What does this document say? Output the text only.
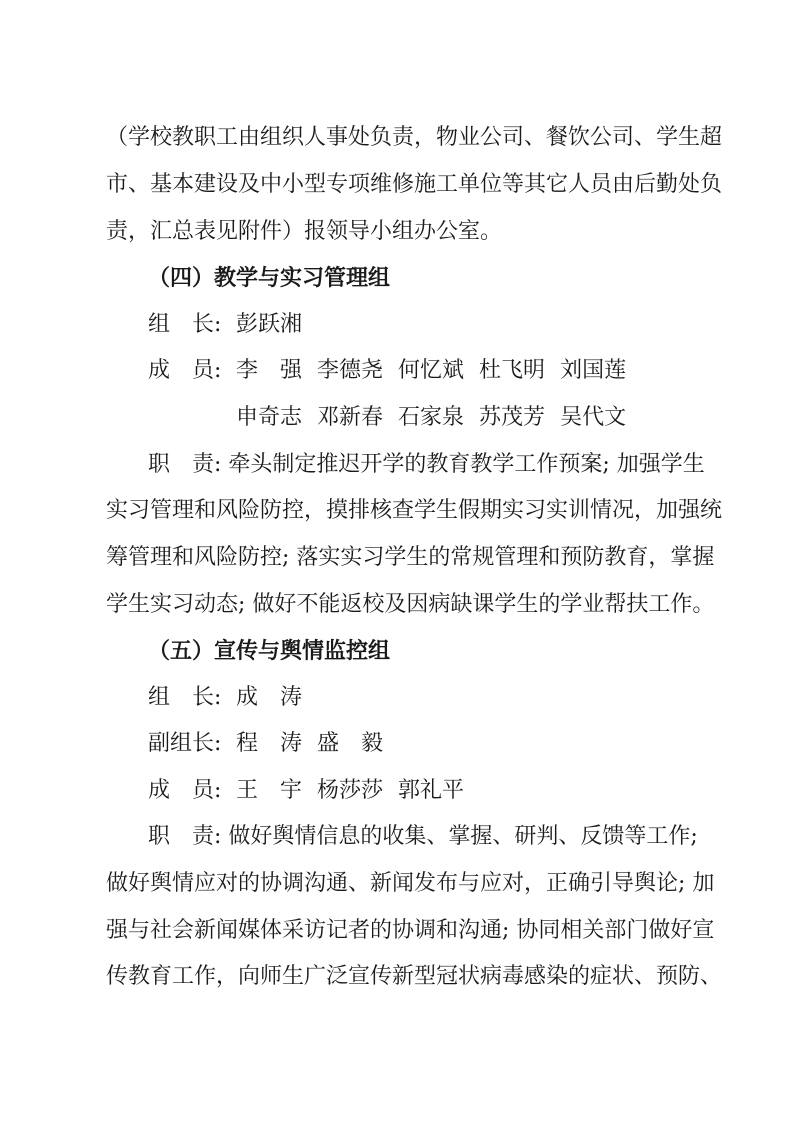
（学校教职工由组织人事处负责，物业公司、餐饮公司、学生超
市、基本建设及中小型专项维修施工单位等其它人员由后勤处负
责，汇总表见附件）报领导小组办公室。
（四）教学与实习管理组
组　长: 彭跃湘
成　员: 李　强 李德尧 何忆斌 杜飞明 刘国莲
申奇志 邓新春 石家泉 苏茂芳 吴代文
职　责: 牵头制定推迟开学的教育教学工作预案; 加强学生
实习管理和风险防控，摸排核查学生假期实习实训情况，加强统
筹管理和风险防控; 落实实习学生的常规管理和预防教育，掌握
学生实习动态; 做好不能返校及因病缺课学生的学业帮扶工作。
（五）宣传与舆情监控组
组　长: 成　涛
副组长: 程　涛 盛　毅
成　员: 王　宇 杨莎莎 郭礼平
职　责: 做好舆情信息的收集、掌握、研判、反馈等工作;
做好舆情应对的协调沟通、新闻发布与应对，正确引导舆论; 加
强与社会新闻媒体采访记者的协调和沟通; 协同相关部门做好宣
传教育工作，向师生广泛宣传新型冠状病毒感染的症状、预防、
